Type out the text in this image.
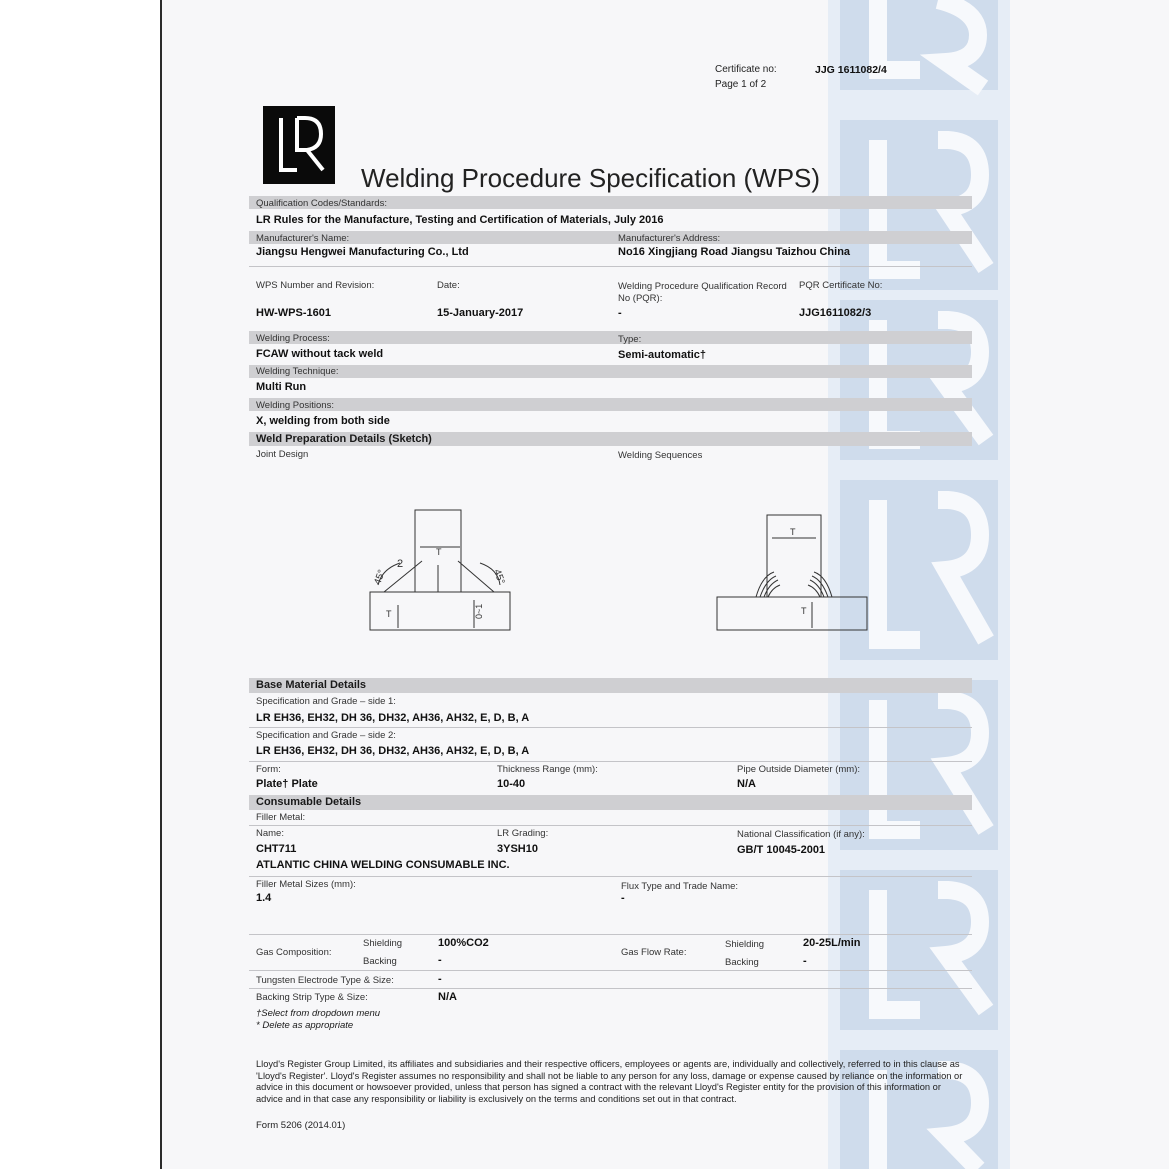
Certificate no:	JJG 1611082/4
Page 1 of 2
Welding Procedure Specification (WPS)
Qualification Codes/Standards:
LR Rules for the Manufacture, Testing and Certification of Materials, July 2016
Manufacturer's Name:
Jiangsu Hengwei Manufacturing Co., Ltd
Manufacturer's Address:
No16 Xingjiang Road Jiangsu Taizhou China
WPS Number and Revision:
HW-WPS-1601
Date:
15-January-2017
Welding Procedure Qualification Record
No (PQR):
-
PQR Certificate No:
JJG1611082/3
Welding Process:
FCAW without tack weld
Type:
Semi-automatic†
Welding Technique:
Multi Run
Welding Positions:
X, welding from both side
Weld Preparation Details (Sketch)
Joint Design	Welding Sequences
2
T
45°	45°
T	0~1
T
T
Base Material Details
Specification and Grade – side 1:
LR EH36, EH32, DH 36, DH32, AH36, AH32, E, D, B, A
Specification and Grade – side 2:
LR EH36, EH32, DH 36, DH32, AH36, AH32, E, D, B, A
Form:
Plate† Plate
Thickness Range (mm):
10-40
Pipe Outside Diameter (mm):
N/A
Consumable Details
Filler Metal:
Name:
CHT711
ATLANTIC CHINA WELDING CONSUMABLE INC.
LR Grading:
3YSH10
National Classification (if any):
GB/T 10045-2001
Filler Metal Sizes (mm):
1.4
Flux Type and Trade Name:
-
Gas Composition:
Shielding	100%CO2
Backing	-
Gas Flow Rate:
Shielding	20-25L/min
Backing	-
Tungsten Electrode Type & Size:	-
Backing Strip Type & Size:	N/A
†Select from dropdown menu
* Delete as appropriate
Lloyd's Register Group Limited, its affiliates and subsidiaries and their respective officers, employees or agents are, individually and collectively, referred to in this clause as 'Lloyd's Register'. Lloyd's Register assumes no responsibility and shall not be liable to any person for any loss, damage or expense caused by reliance on the information or advice in this document or howsoever provided, unless that person has signed a contract with the relevant Lloyd's Register entity for the provision of this information or advice and in that case any responsibility or liability is exclusively on the terms and conditions set out in that contract.
Form 5206 (2014.01)
